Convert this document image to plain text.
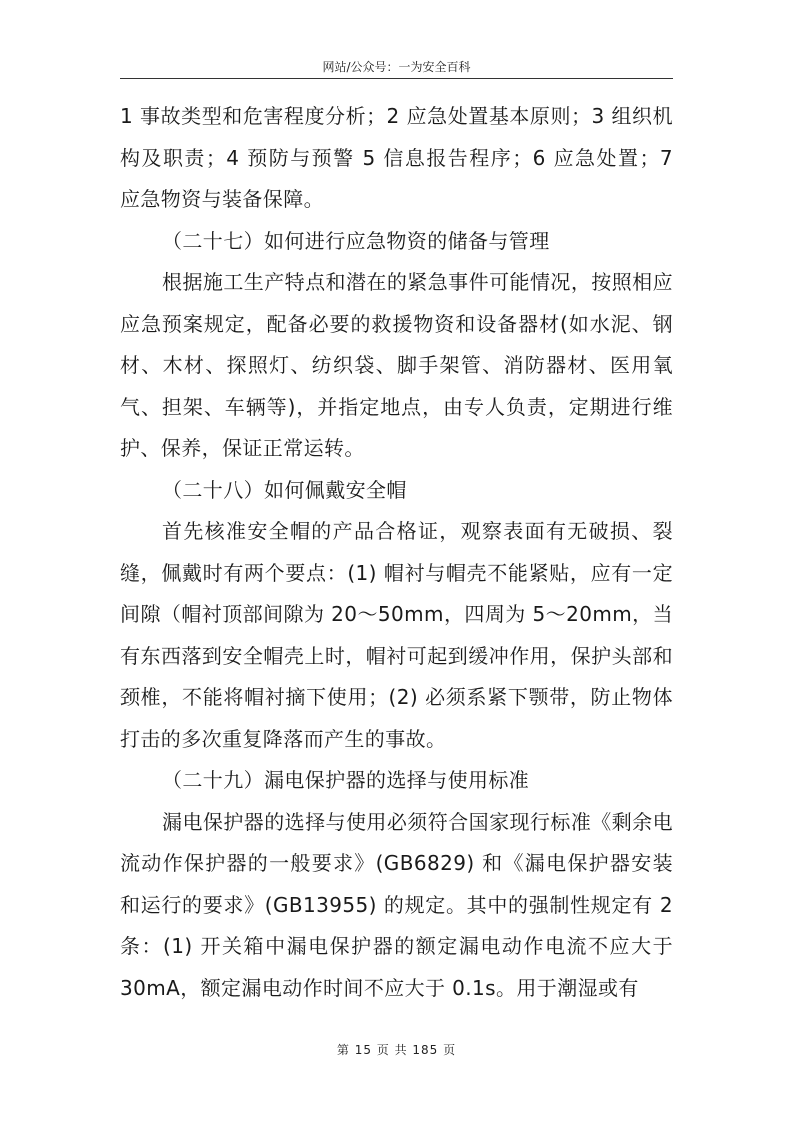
网站/公众号：一为安全百科

1 事故类型和危害程度分析；2 应急处置基本原则；3 组织机构及职责；4 预防与预警 5 信息报告程序；6 应急处置；7 应急物资与装备保障。

（二十七）如何进行应急物资的储备与管理

根据施工生产特点和潜在的紧急事件可能情况，按照相应应急预案规定，配备必要的救援物资和设备器材(如水泥、钢材、木材、探照灯、纺织袋、脚手架管、消防器材、医用氧气、担架、车辆等)，并指定地点，由专人负责，定期进行维护、保养，保证正常运转。

（二十八）如何佩戴安全帽

首先核准安全帽的产品合格证，观察表面有无破损、裂缝，佩戴时有两个要点：(1) 帽衬与帽壳不能紧贴，应有一定间隙（帽衬顶部间隙为 20～50mm，四周为 5～20mm，当有东西落到安全帽壳上时，帽衬可起到缓冲作用，保护头部和颈椎，不能将帽衬摘下使用；(2) 必须系紧下颚带，防止物体打击的多次重复降落而产生的事故。

（二十九）漏电保护器的选择与使用标准

漏电保护器的选择与使用必须符合国家现行标准《剩余电流动作保护器的一般要求》(GB6829) 和《漏电保护器安装和运行的要求》(GB13955) 的规定。其中的强制性规定有 2 条：(1) 开关箱中漏电保护器的额定漏电动作电流不应大于 30mA，额定漏电动作时间不应大于 0.1s。用于潮湿或有

第 15 页 共 185 页
